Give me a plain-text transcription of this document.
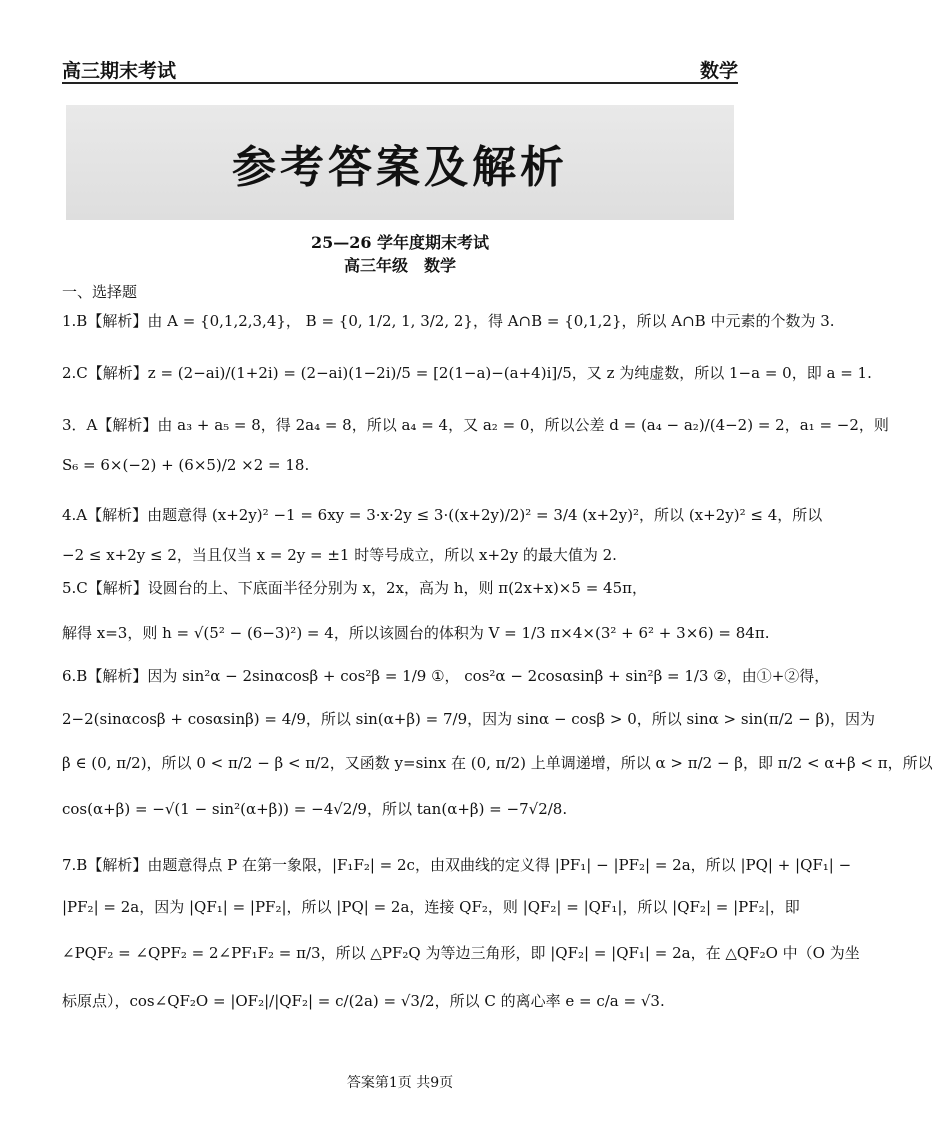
高三期末考试	数学
参考答案及解析
25—26 学年度期末考试
高三年级　数学
一、选择题
1.B【解析】由 A = {0,1,2,3,4}， B = {0, 1/2, 1, 3/2, 2}，得 A∩B = {0,1,2}，所以 A∩B 中元素的个数为 3.
2.C【解析】z = (2−ai)/(1+2i) = (2−ai)(1−2i)/5 = [2(1−a)−(a+4)i]/5，又 z 为纯虚数，所以 1−a = 0，即 a = 1.
3．A【解析】由 a₃ + a₅ = 8，得 2a₄ = 8，所以 a₄ = 4，又 a₂ = 0，所以公差 d = (a₄ − a₂)/(4−2) = 2，a₁ = −2，则
S₆ = 6×(−2) + (6×5)/2 ×2 = 18.
4.A【解析】由题意得 (x+2y)² −1 = 6xy = 3·x·2y ≤ 3·((x+2y)/2)² = 3/4 (x+2y)²，所以 (x+2y)² ≤ 4，所以
−2 ≤ x+2y ≤ 2，当且仅当 x = 2y = ±1 时等号成立，所以 x+2y 的最大值为 2.
5.C【解析】设圆台的上、下底面半径分别为 x，2x，高为 h，则 π(2x+x)×5 = 45π，
解得 x=3，则 h = √(5² − (6−3)²) = 4，所以该圆台的体积为 V = 1/3 π×4×(3² + 6² + 3×6) = 84π.
6.B【解析】因为 sin²α − 2sinαcosβ + cos²β = 1/9 ①， cos²α − 2cosαsinβ + sin²β = 1/3 ②，由①+②得，
2−2(sinαcosβ + cosαsinβ) = 4/9，所以 sin(α+β) = 7/9，因为 sinα − cosβ > 0，所以 sinα > sin(π/2 − β)，因为
β ∈ (0, π/2)，所以 0 < π/2 − β < π/2，又函数 y=sinx 在 (0, π/2) 上单调递增，所以 α > π/2 − β，即 π/2 < α+β < π，所以
cos(α+β) = −√(1 − sin²(α+β)) = −4√2/9，所以 tan(α+β) = −7√2/8.
7.B【解析】由题意得点 P 在第一象限，|F₁F₂| = 2c，由双曲线的定义得 |PF₁| − |PF₂| = 2a，所以 |PQ| + |QF₁| −
|PF₂| = 2a，因为 |QF₁| = |PF₂|，所以 |PQ| = 2a，连接 QF₂，则 |QF₂| = |QF₁|，所以 |QF₂| = |PF₂|，即
∠PQF₂ = ∠QPF₂ = 2∠PF₁F₂ = π/3，所以 △PF₂Q 为等边三角形，即 |QF₂| = |QF₁| = 2a，在 △QF₂O 中（O 为坐
标原点），cos∠QF₂O = |OF₂|/|QF₂| = c/(2a) = √3/2，所以 C 的离心率 e = c/a = √3.
答案第1页 共9页
